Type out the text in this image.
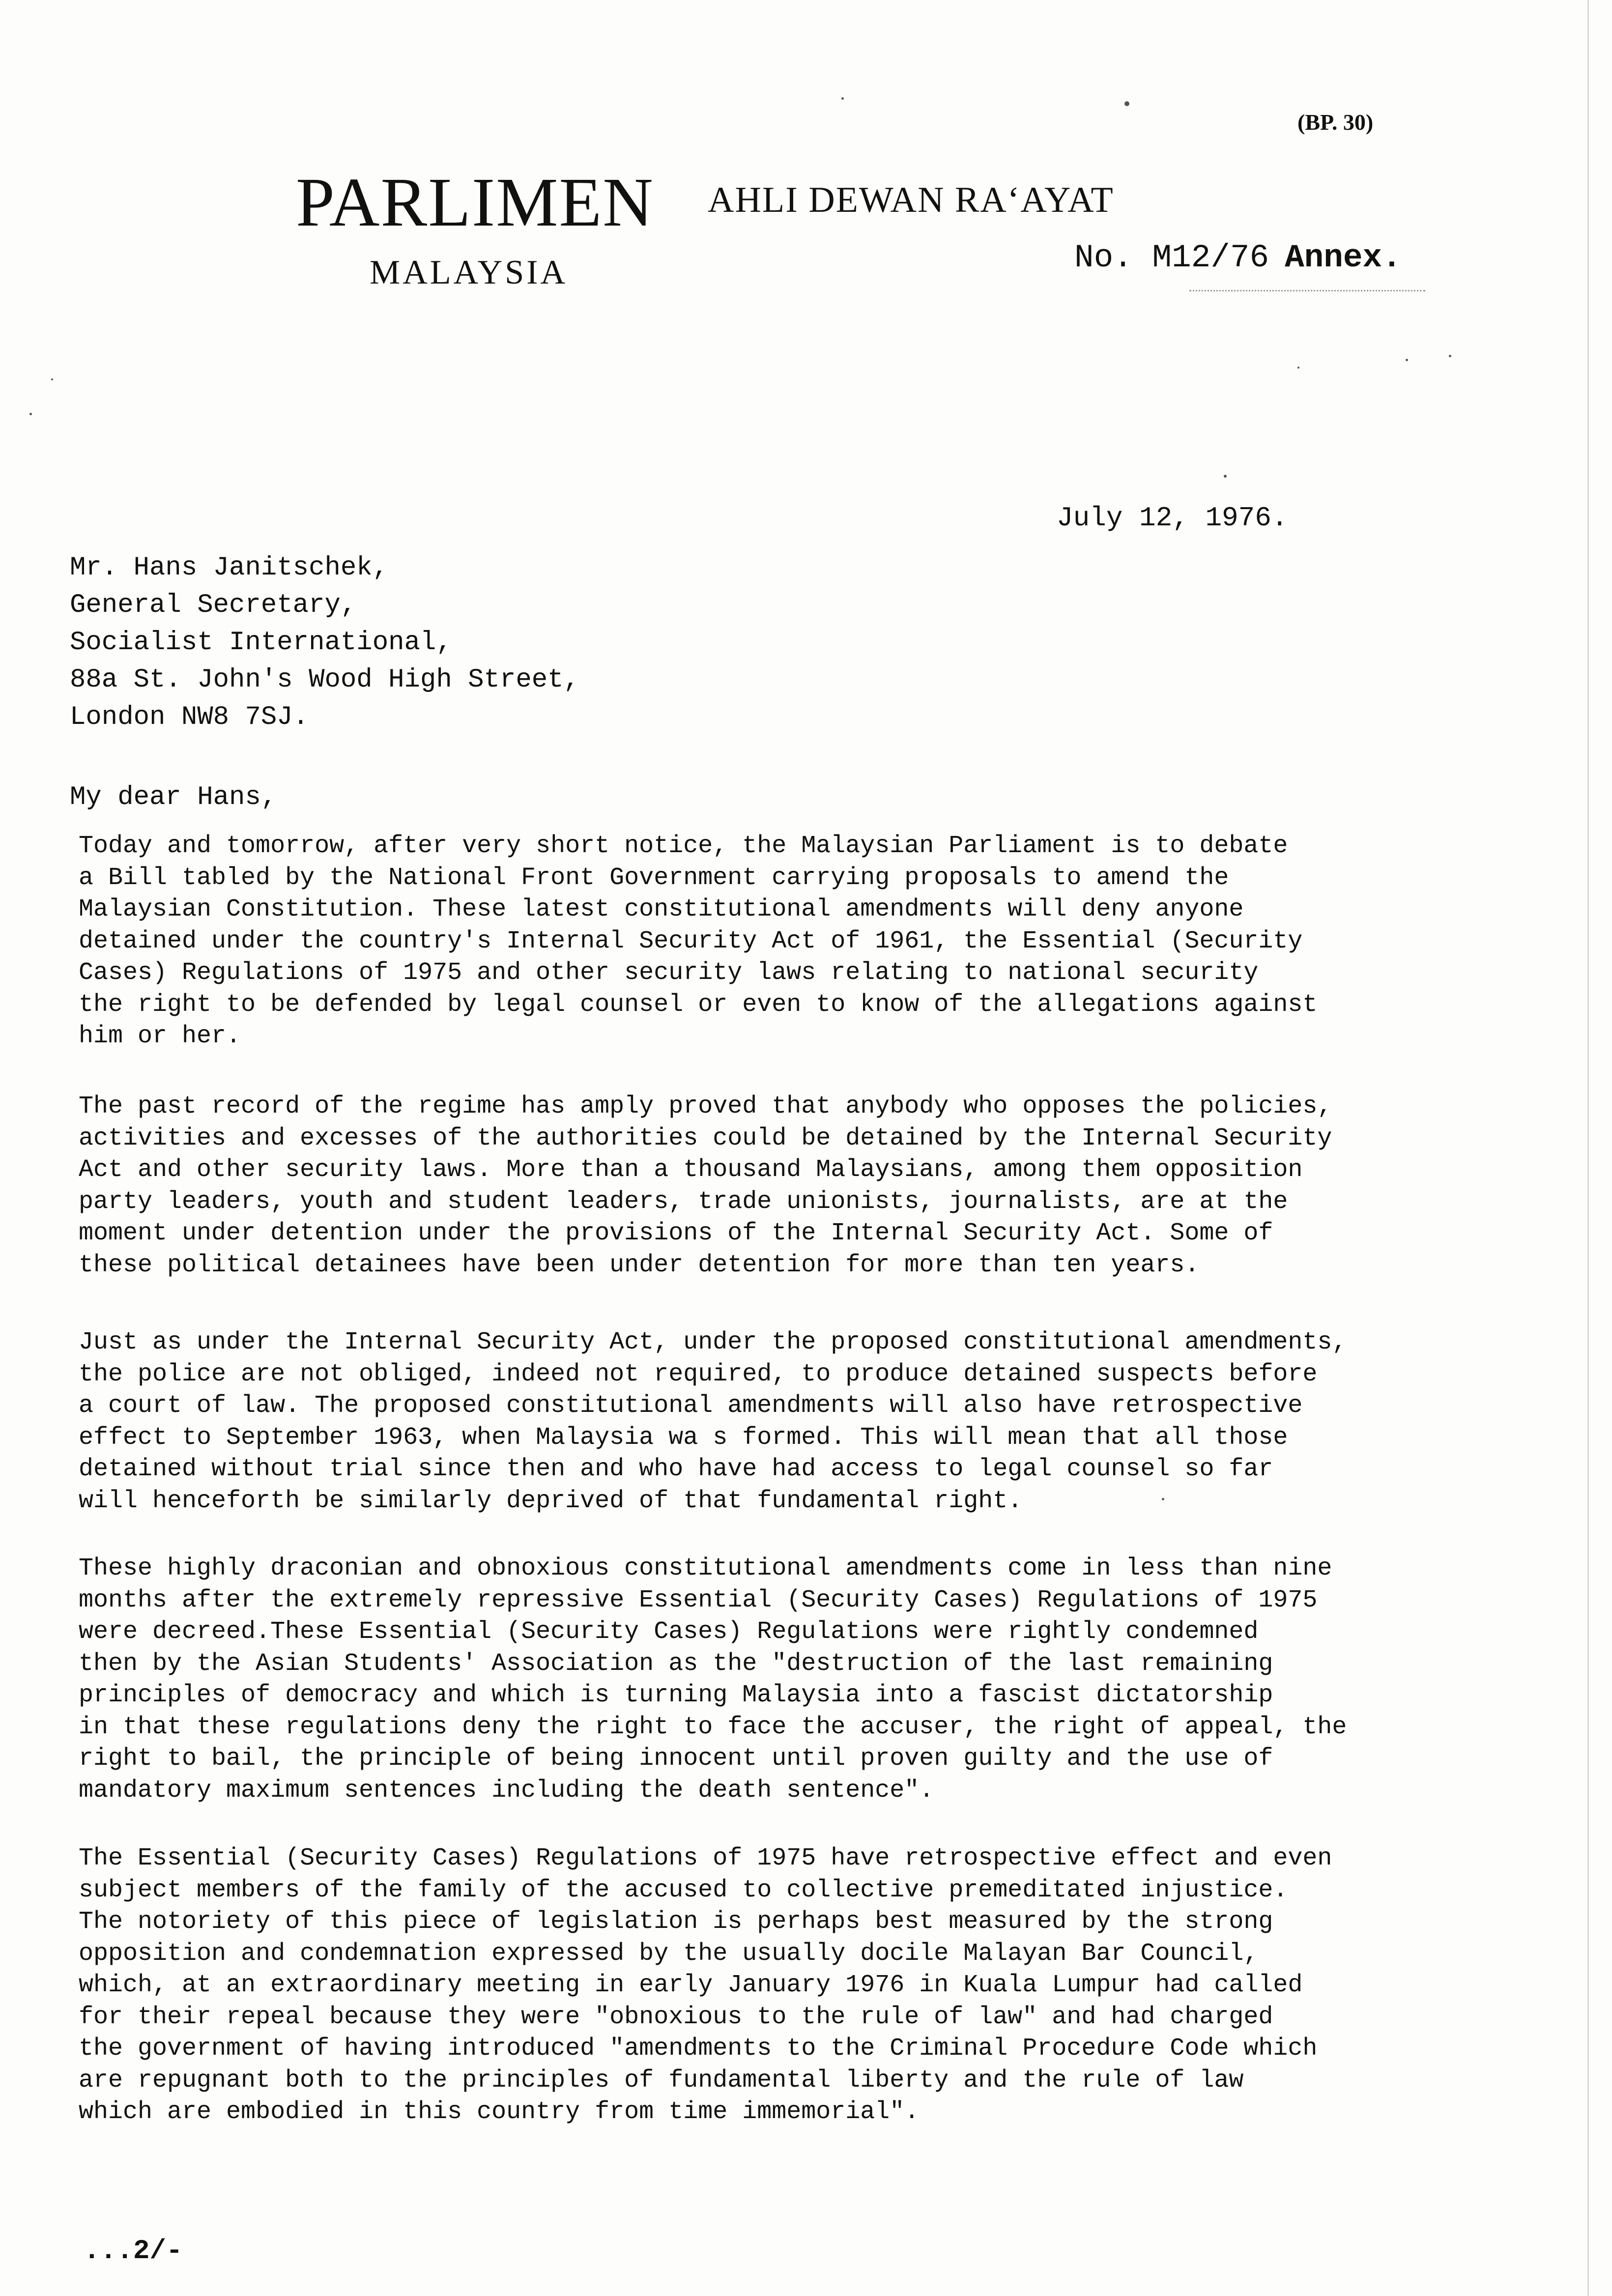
(BP. 30)
PARLIMEN AHLI DEWAN RA‘AYAT
MALAYSIA	No. M12/76 Annex.
July 12, 1976.
Mr. Hans Janitschek,
General Secretary,
Socialist International,
88a St. John's Wood High Street,
London NW8 7SJ.
My dear Hans,
Today and tomorrow, after very short notice, the Malaysian Parliament is to debate
a Bill tabled by the National Front Government carrying proposals to amend the
Malaysian Constitution. These latest constitutional amendments will deny anyone
detained under the country's Internal Security Act of 1961, the Essential (Security
Cases) Regulations of 1975 and other security laws relating to national security
the right to be defended by legal counsel or even to know of the allegations against
him or her.
The past record of the regime has amply proved that anybody who opposes the policies,
activities and excesses of the authorities could be detained by the Internal Security
Act and other security laws. More than a thousand Malaysians, among them opposition
party leaders, youth and student leaders, trade unionists, journalists, are at the
moment under detention under the provisions of the Internal Security Act. Some of
these political detainees have been under detention for more than ten years.
Just as under the Internal Security Act, under the proposed constitutional amendments,
the police are not obliged, indeed not required, to produce detained suspects before
a court of law. The proposed constitutional amendments will also have retrospective
effect to September 1963, when Malaysia wa s formed. This will mean that all those
detained without trial since then and who have had access to legal counsel so far
will henceforth be similarly deprived of that fundamental right.
These highly draconian and obnoxious constitutional amendments come in less than nine
months after the extremely repressive Essential (Security Cases) Regulations of 1975
were decreed.These Essential (Security Cases) Regulations were rightly condemned
then by the Asian Students' Association as the "destruction of the last remaining
principles of democracy and which is turning Malaysia into a fascist dictatorship
in that these regulations deny the right to face the accuser, the right of appeal, the
right to bail, the principle of being innocent until proven guilty and the use of
mandatory maximum sentences including the death sentence".
The Essential (Security Cases) Regulations of 1975 have retrospective effect and even
subject members of the family of the accused to collective premeditated injustice.
The notoriety of this piece of legislation is perhaps best measured by the strong
opposition and condemnation expressed by the usually docile Malayan Bar Council,
which, at an extraordinary meeting in early January 1976 in Kuala Lumpur had called
for their repeal because they were "obnoxious to the rule of law" and had charged
the government of having introduced "amendments to the Criminal Procedure Code which
are repugnant both to the principles of fundamental liberty and the rule of law
which are embodied in this country from time immemorial".
...2/-
